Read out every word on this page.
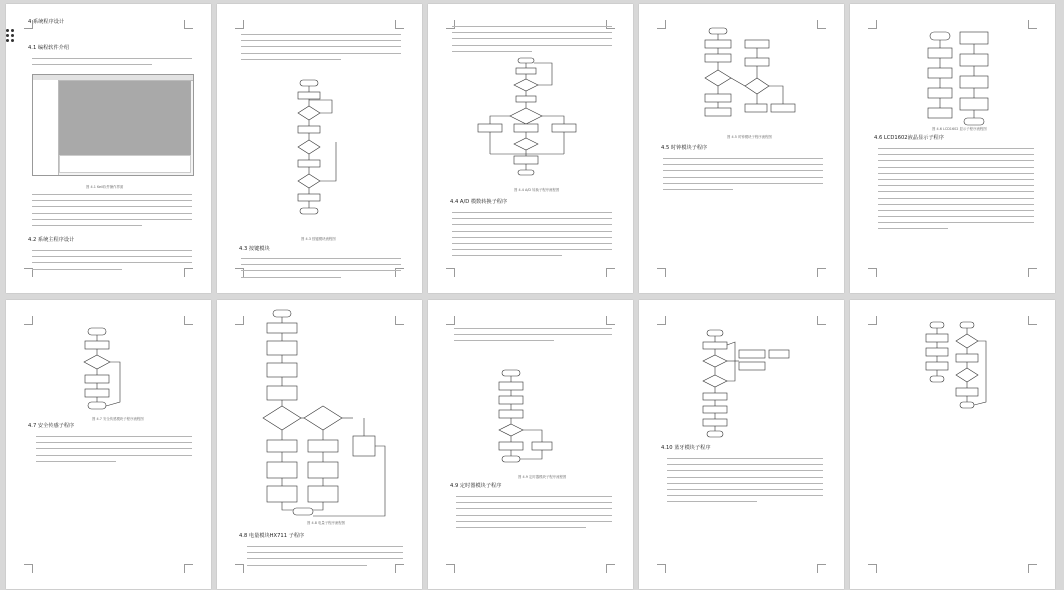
4 系统程序设计
4.1 编程软件介绍
图 4.1 Keil软件操作界面
4.2 系统主程序设计	图 4.3 按键模块流程图
4.3 按键模块
图 4.4 A/D 转换子程序流程图
4.4 A/D 模数转换子程序
图 4.5 时钟模块子程序流程图
4.5 时钟模块子程序
图 4.6 LCD1602 显示子程序流程图
4.6 LCD1602液晶显示子程序
图 4.7 安全传感模块子程序流程图
4.7 安全传感子程序
图 4.8 电量子程序流程图
4.8 电量模块HX711 子程序
图 4.9 定时器模块子程序流程图
4.9 定时器模块子程序
4.10 蓝牙模块子程序
